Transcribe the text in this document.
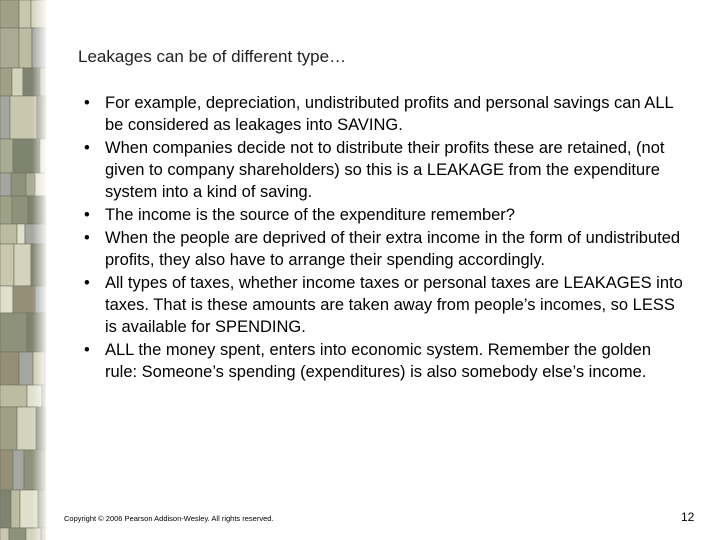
Leakages can be of different type…
• For example, depreciation, undistributed profits and personal savings can ALL be considered as leakages into SAVING.
• When companies decide not to distribute their profits these are retained, (not given to company shareholders) so this is a LEAKAGE from the expenditure system into a kind of saving.
• The income is the source of the expenditure remember?
• When the people are deprived of their extra income in the form of undistributed profits, they also have to arrange their spending accordingly.
• All types of taxes, whether income taxes or personal taxes are LEAKAGES into taxes. That is these amounts are taken away from people’s incomes, so LESS is available for SPENDING.
• ALL the money spent, enters into economic system. Remember the golden rule: Someone’s spending (expenditures) is also somebody else’s income.
Copyright © 2006 Pearson Addison-Wesley. All rights reserved.	12
